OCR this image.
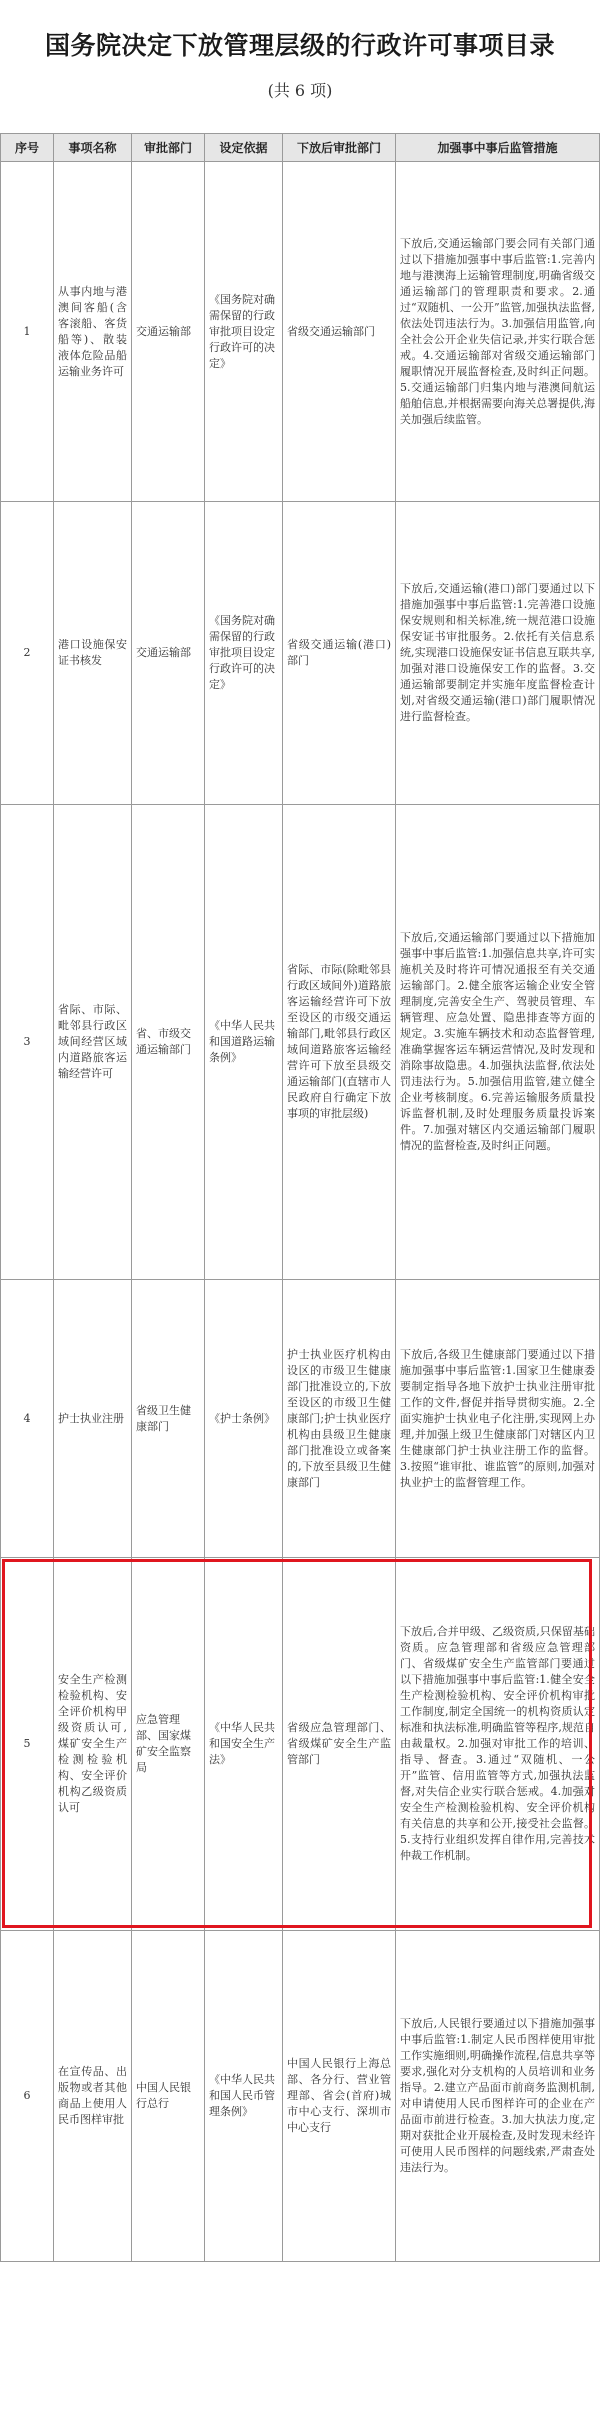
国务院决定下放管理层级的行政许可事项目录
(共 6 项)
序号	事项名称	审批部门	设定依据	下放后审批部门	加强事中事后监管措施
1	从事内地与港澳间客船(含客滚船、客货船等)、散装液体危险品船运输业务许可	交通运输部	《国务院对确需保留的行政审批项目设定行政许可的决定》	省级交通运输部门	下放后,交通运输部门要会同有关部门通过以下措施加强事中事后监管:1.完善内地与港澳海上运输管理制度,明确省级交通运输部门的管理职责和要求。2.通过“双随机、一公开”监管,加强执法监督,依法处罚违法行为。3.加强信用监管,向全社会公开企业失信记录,并实行联合惩戒。4.交通运输部对省级交通运输部门履职情况开展监督检查,及时纠正问题。5.交通运输部门归集内地与港澳间航运船舶信息,并根据需要向海关总署提供,海关加强后续监管。
2	港口设施保安证书核发	交通运输部	《国务院对确需保留的行政审批项目设定行政许可的决定》	省级交通运输(港口)部门	下放后,交通运输(港口)部门要通过以下措施加强事中事后监管:1.完善港口设施保安规则和相关标准,统一规范港口设施保安证书审批服务。2.依托有关信息系统,实现港口设施保安证书信息互联共享,加强对港口设施保安工作的监督。3.交通运输部要制定并实施年度监督检查计划,对省级交通运输(港口)部门履职情况进行监督检查。
3	省际、市际、毗邻县行政区域间经营区域内道路旅客运输经营许可	省、市级交通运输部门	《中华人民共和国道路运输条例》	省际、市际(除毗邻县行政区域间外)道路旅客运输经营许可下放至设区的市级交通运输部门,毗邻县行政区域间道路旅客运输经营许可下放至县级交通运输部门(直辖市人民政府自行确定下放事项的审批层级)	下放后,交通运输部门要通过以下措施加强事中事后监管:1.加强信息共享,许可实施机关及时将许可情况通报至有关交通运输部门。2.健全旅客运输企业安全管理制度,完善安全生产、驾驶员管理、车辆管理、应急处置、隐患排查等方面的规定。3.实施车辆技术和动态监督管理,准确掌握客运车辆运营情况,及时发现和消除事故隐患。4.加强执法监督,依法处罚违法行为。5.加强信用监管,建立健全企业考核制度。6.完善运输服务质量投诉监督机制,及时处理服务质量投诉案件。7.加强对辖区内交通运输部门履职情况的监督检查,及时纠正问题。
4	护士执业注册	省级卫生健康部门	《护士条例》	护士执业医疗机构由设区的市级卫生健康部门批准设立的,下放至设区的市级卫生健康部门;护士执业医疗机构由县级卫生健康部门批准设立或备案的,下放至县级卫生健康部门	下放后,各级卫生健康部门要通过以下措施加强事中事后监管:1.国家卫生健康委要制定指导各地下放护士执业注册审批工作的文件,督促并指导贯彻实施。2.全面实施护士执业电子化注册,实现网上办理,并加强上级卫生健康部门对辖区内卫生健康部门护士执业注册工作的监督。3.按照“谁审批、谁监管”的原则,加强对执业护士的监督管理工作。
5	安全生产检测检验机构、安全评价机构甲级资质认可,煤矿安全生产检测检验机构、安全评价机构乙级资质认可	应急管理部、国家煤矿安全监察局	《中华人民共和国安全生产法》	省级应急管理部门、省级煤矿安全生产监管部门	下放后,合并甲级、乙级资质,只保留基础资质。应急管理部和省级应急管理部门、省级煤矿安全生产监管部门要通过以下措施加强事中事后监管:1.健全安全生产检测检验机构、安全评价机构审批工作制度,制定全国统一的机构资质认定标准和执法标准,明确监管等程序,规范自由裁量权。2.加强对审批工作的培训、指导、督查。3.通过“双随机、一公开”监管、信用监管等方式,加强执法监督,对失信企业实行联合惩戒。4.加强对安全生产检测检验机构、安全评价机构有关信息的共享和公开,接受社会监督。5.支持行业组织发挥自律作用,完善技术仲裁工作机制。
6	在宣传品、出版物或者其他商品上使用人民币图样审批	中国人民银行总行	《中华人民共和国人民币管理条例》	中国人民银行上海总部、各分行、营业管理部、省会(首府)城市中心支行、深圳市中心支行	下放后,人民银行要通过以下措施加强事中事后监管:1.制定人民币图样使用审批工作实施细则,明确操作流程,信息共享等要求,强化对分支机构的人员培训和业务指导。2.建立产品面市前商务监测机制,对申请使用人民币图样许可的企业在产品面市前进行检查。3.加大执法力度,定期对获批企业开展检查,及时发现未经许可使用人民币图样的问题线索,严肃查处违法行为。
